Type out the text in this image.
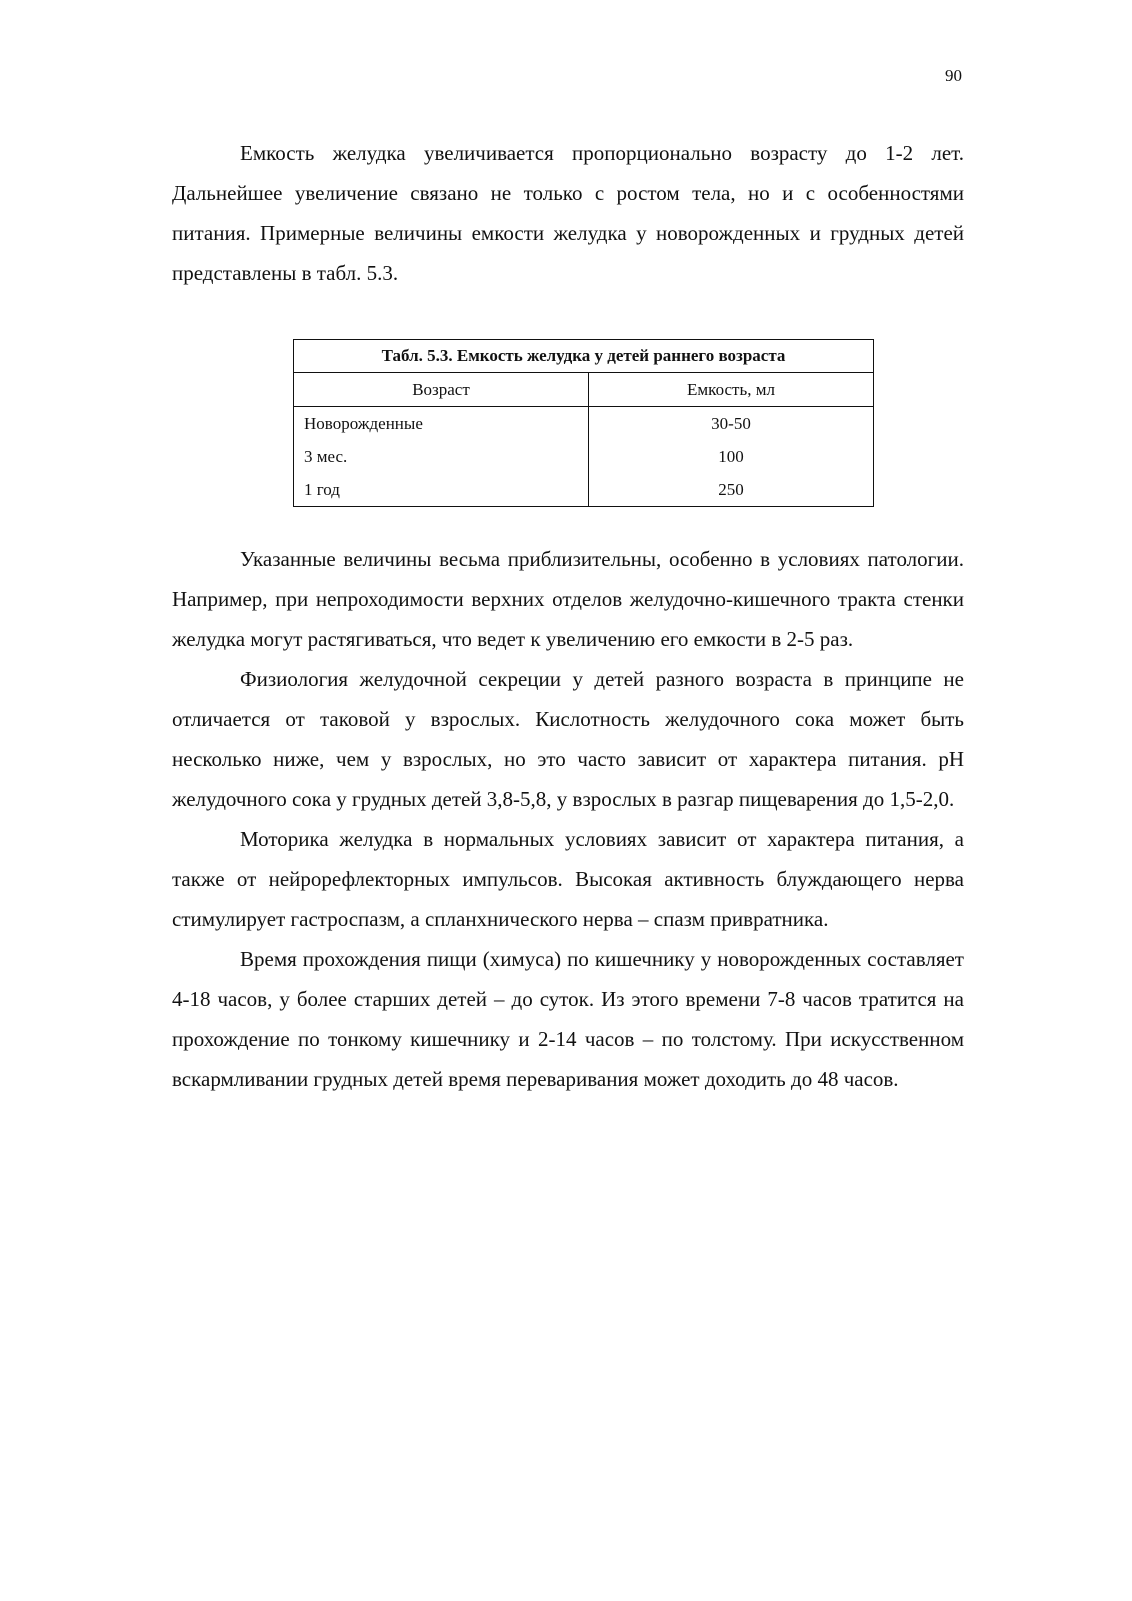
90

Емкость желудка увеличивается пропорционально возрасту до 1-2 лет. Дальнейшее увеличение связано не только с ростом тела, но и с особенностями питания. Примерные величины емкости желудка у новорожденных и грудных детей представлены в табл. 5.3.

Табл. 5.3. Емкость желудка у детей раннего возраста	
Возраст	Емкость, мл
Новорожденные	30-50
3 мес.	100
1 год	250

Указанные величины весьма приблизительны, особенно в условиях патологии. Например, при непроходимости верхних отделов желудочно-кишечного тракта стенки желудка могут растягиваться, что ведет к увеличению его емкости в 2-5 раз.

Физиология желудочной секреции у детей разного возраста в принципе не отличается от таковой у взрослых. Кислотность желудочного сока может быть несколько ниже, чем у взрослых, но это часто зависит от характера питания. pH желудочного сока у грудных детей 3,8-5,8, у взрослых в разгар пищеварения до 1,5-2,0.

Моторика желудка в нормальных условиях зависит от характера питания, а также от нейрорефлекторных импульсов. Высокая активность блуждающего нерва стимулирует гастроспазм, а спланхнического нерва – спазм привратника.

Время прохождения пищи (химуса) по кишечнику у новорожденных составляет 4-18 часов, у более старших детей – до суток. Из этого времени 7-8 часов тратится на прохождение по тонкому кишечнику и 2-14 часов – по толстому. При искусственном вскармливании грудных детей время переваривания может доходить до 48 часов.
